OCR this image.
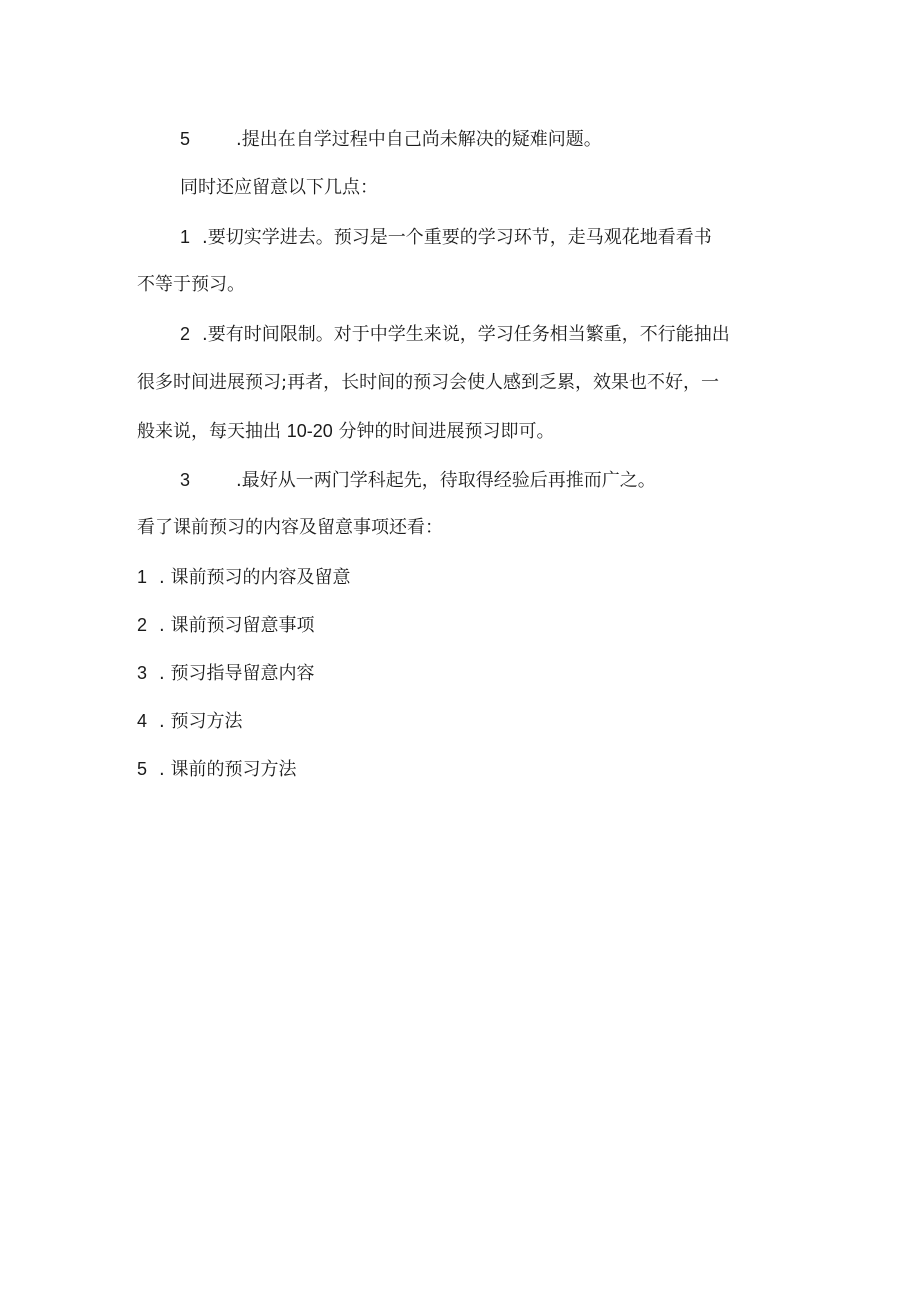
5	.提出在自学过程中自己尚未解决的疑难问题。
同时还应留意以下几点：
1 .要切实学进去。预习是一个重要的学习环节，走马观花地看看书
不等于预习。
2 .要有时间限制。对于中学生来说，学习任务相当繁重，不行能抽出
很多时间进展预习;再者，长时间的预习会使人感到乏累，效果也不好，一
般来说，每天抽出 10-20 分钟的时间进展预习即可。
3	.最好从一两门学科起先，待取得经验后再推而广之。
看了课前预习的内容及留意事项还看：
1 . 课前预习的内容及留意
2 . 课前预习留意事项
3 . 预习指导留意内容
4 . 预习方法
5 . 课前的预习方法
